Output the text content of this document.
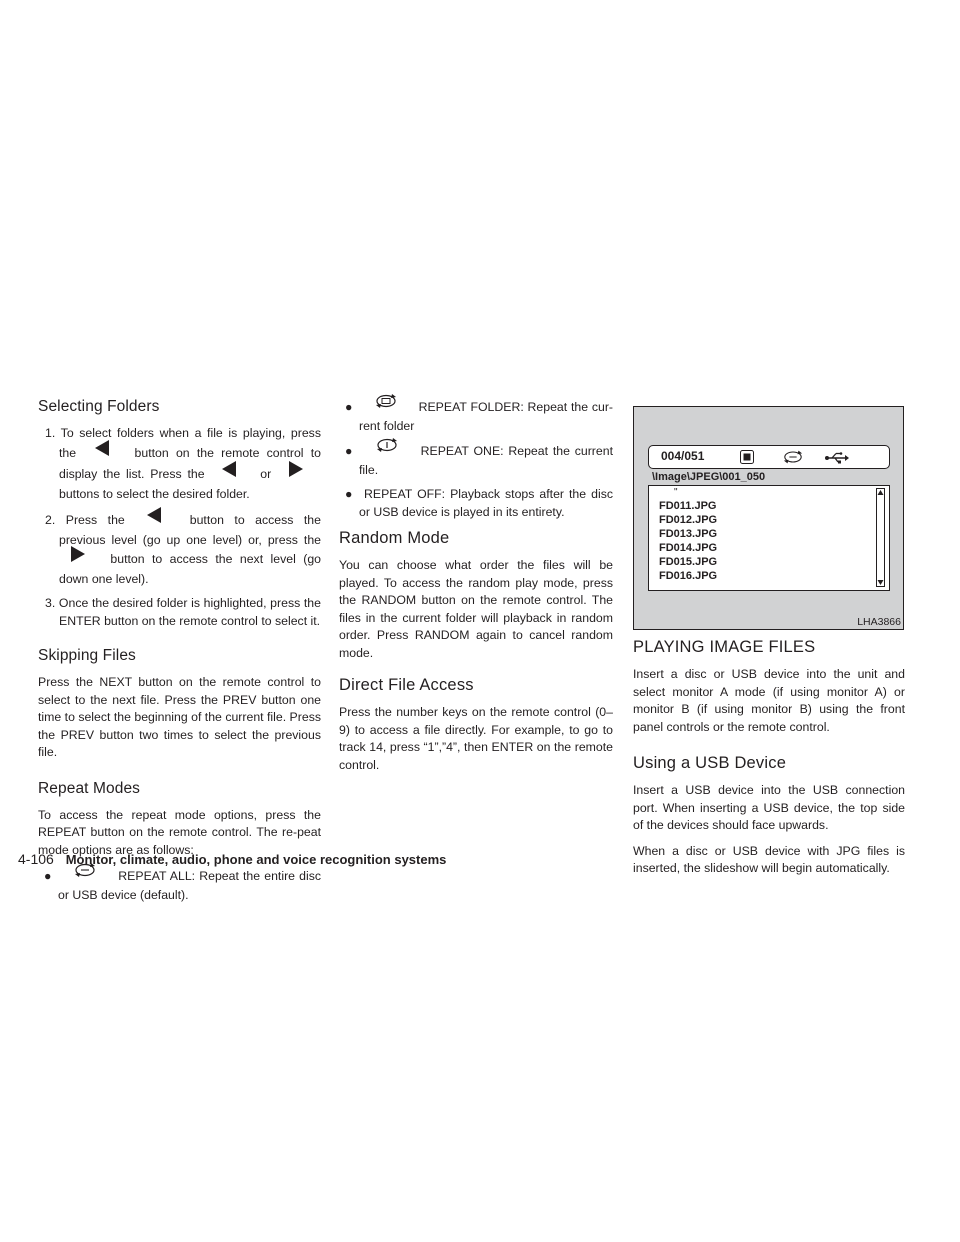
Selecting Folders
1. To select folders when a file is playing, press the	button on the remote control to display the list. Press the	or  buttons to select the desired folder.
2. Press the	button to access the previous level (go up one level) or, press the  button to access the next level (go down one level).
3. Once the desired folder is highlighted, press the ENTER button on the remote control to select it.
Skipping Files

Press the NEXT button on the remote control to select to the next file. Press the PREV button one time to select the beginning of the current file. Press the PREV button two times to select the previous file.

Repeat Modes

To access the repeat mode options, press the REPEAT button on the remote control. The re-peat mode options are as follows:

●	REPEAT ALL: Repeat the entire disc or USB device (default).
●	REPEAT FOLDER: Repeat the cur-rent folder
●	REPEAT ONE: Repeat the current file.
● REPEAT OFF: Playback stops after the disc or USB device is played in its entirety.
Random Mode

You can choose what order the files will be played. To access the random play mode, press the RANDOM button on the remote control. The files in the current folder will playback in random order. Press RANDOM again to cancel random mode.

Direct File Access

Press the number keys on the remote control (0–9) to access a file directly. For example, to go to track 14, press “1”,”4”, then ENTER on the remote control.

004/051
\Image\JPEG\001_050
"
FD011.JPG
FD012.JPG
FD013.JPG
FD014.JPG
FD015.JPG
FD016.JPG
LHA3866
PLAYING IMAGE FILES

Insert a disc or USB device into the unit and select monitor A mode (if using monitor A) or monitor B (if using monitor B) using the front panel controls or the remote control.

Using a USB Device

Insert a USB device into the USB connection port. When inserting a USB device, the top side of the devices should face upwards.

When a disc or USB device with JPG files is inserted, the slideshow will begin automatically.

4-106 Monitor, climate, audio, phone and voice recognition systems
